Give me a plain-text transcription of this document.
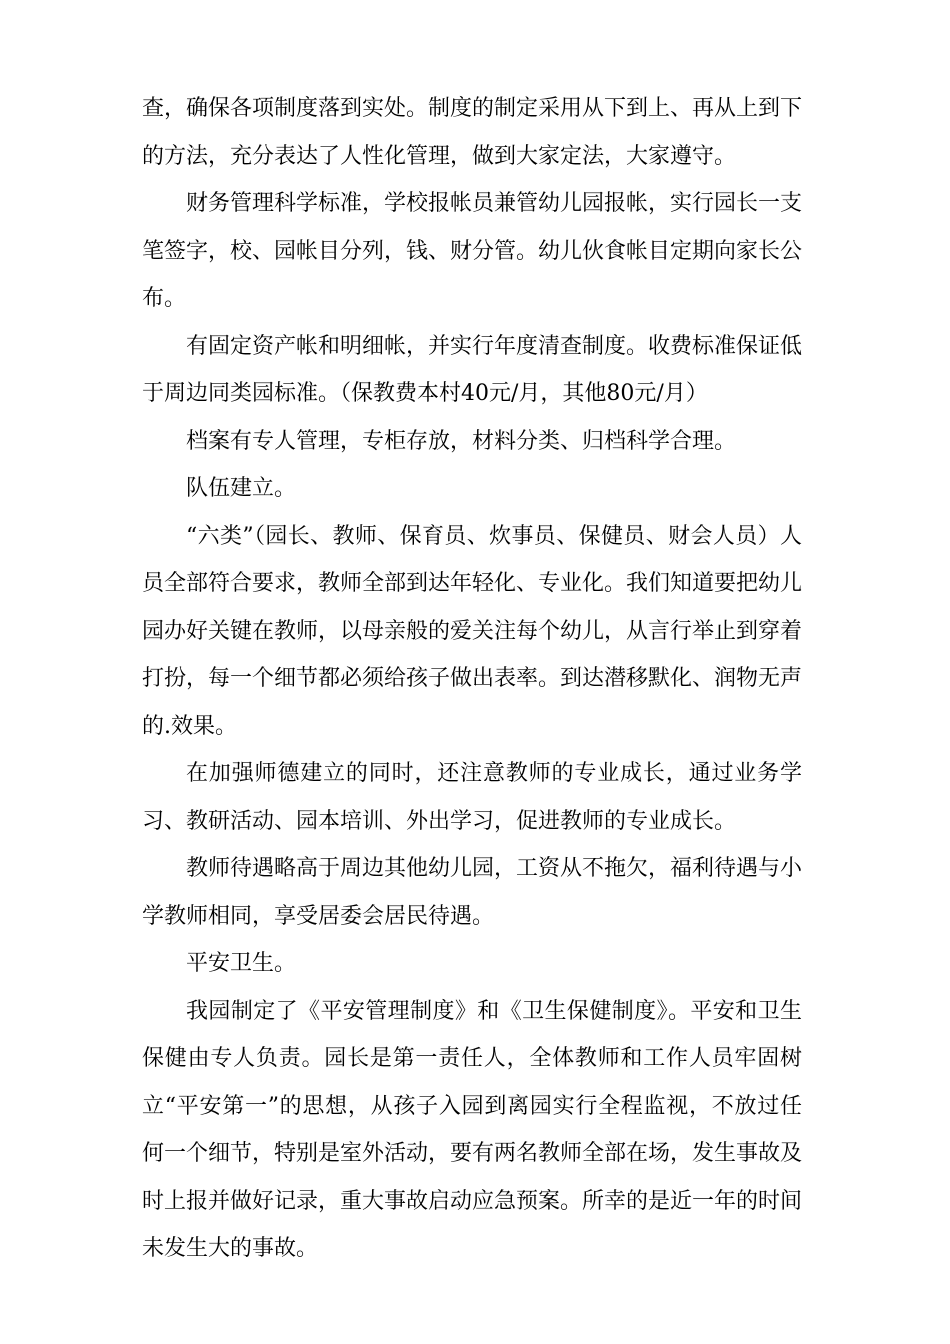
查，确保各项制度落到实处。制度的制定采用从下到上、再从上到下的方法，充分表达了人性化管理，做到大家定法，大家遵守。

财务管理科学标准，学校报帐员兼管幼儿园报帐，实行园长一支笔签字，校、园帐目分列，钱、财分管。幼儿伙食帐目定期向家长公布。

有固定资产帐和明细帐，并实行年度清查制度。收费标准保证低于周边同类园标准。（保教费本村40元/月，其他80元/月）

档案有专人管理，专柜存放，材料分类、归档科学合理。

队伍建立。

“六类”（园长、教师、保育员、炊事员、保健员、财会人员）人员全部符合要求，教师全部到达年轻化、专业化。我们知道要把幼儿园办好关键在教师，以母亲般的爱关注每个幼儿，从言行举止到穿着打扮，每一个细节都必须给孩子做出表率。到达潜移默化、润物无声的.效果。

在加强师德建立的同时，还注意教师的专业成长，通过业务学习、教研活动、园本培训、外出学习，促进教师的专业成长。

教师待遇略高于周边其他幼儿园，工资从不拖欠，福利待遇与小学教师相同，享受居委会居民待遇。

平安卫生。

我园制定了《平安管理制度》和《卫生保健制度》。平安和卫生保健由专人负责。园长是第一责任人，全体教师和工作人员牢固树立“平安第一”的思想，从孩子入园到离园实行全程监视，不放过任何一个细节，特别是室外活动，要有两名教师全部在场，发生事故及时上报并做好记录，重大事故启动应急预案。所幸的是近一年的时间未发生大的事故。
